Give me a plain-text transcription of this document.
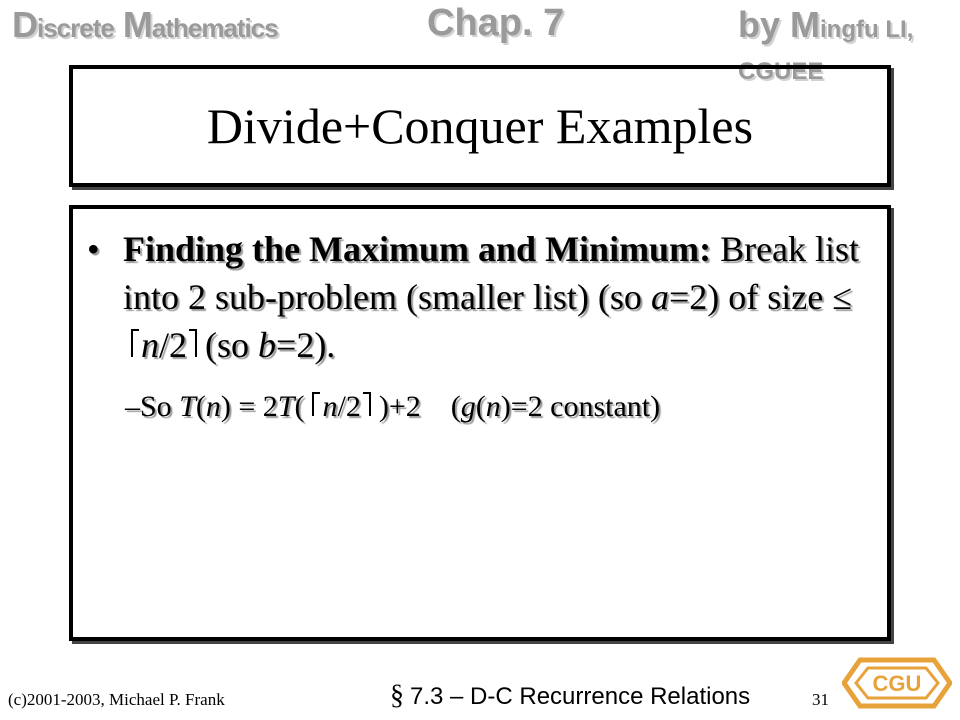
Discrete Mathematics	Chap. 7	by Mingfu LI, CGUEE
Divide+Conquer Examples
• Finding the Maximum and Minimum: Break list into 2 sub-problem (smaller list) (so a=2) of size ≤n/2 (so b=2).
–So T(n) = 2T( n/2 )+2 (g(n)=2 constant)
(c)2001-2003, Michael P. Frank	§ 7.3 – D-C Recurrence Relations	31
CGU
